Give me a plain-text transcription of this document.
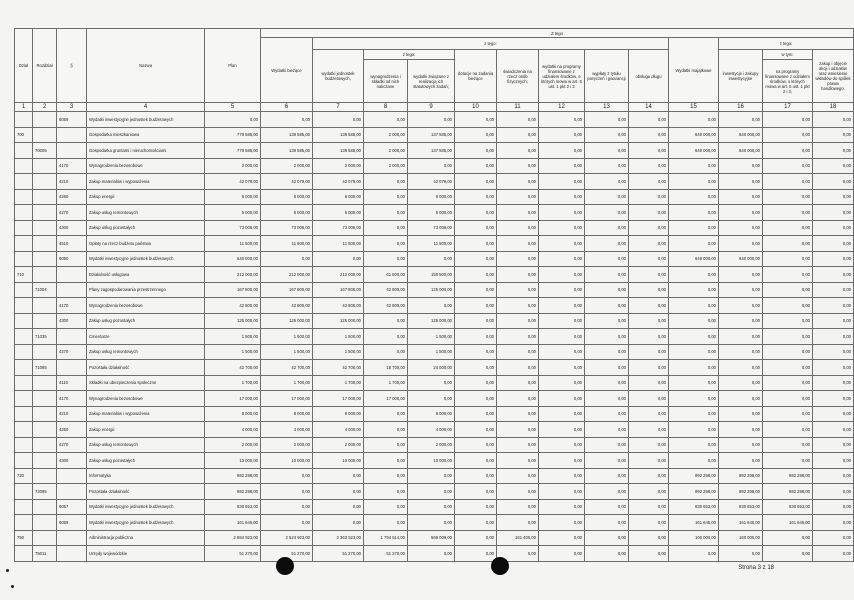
Dział	Rozdział	§	Nazwa	Plan	Z tego												
					Wydatki bieżące	z tego:								Wydatki majątkowe	z tego:		
						wydatki jednostek budżetowych,	z tego:		dotacje na zadania bieżące	świadczenia na rzecz osób fizycznych;	wydatki na programy finansowane z udziałem środków, o których mowa w art. 5 ust. 1 pkt 2 i 3	wypłaty z tytułu poręczeń i gwarancji	obsługa długu		inwestycje i zakupy inwestycyjne	w tym:	zakup i objęcie akcji i udziałów oraz wniesienie wkładów do spółek prawa handlowego.
							wynagrodzenia i składki od nich naliczane	wydatki związane z realizacją ich statutowych zadań;								na programy finansowane z udziałem środków, o których mowa w art. 5 ust. 1 pkt 2 i 3,	
1	2	3	4	5	6	7	8	9	10	11	12	13	14	15	16	17	18
		6059	Wydatki inwestycyjne jednostek budżetowych	0,00	0,00	0,00	0,00	0,00	0,00	0,00	0,00	0,00	0,00	0,00	0,00	0,00	0,00
700			Gospodarka mieszkaniowa	779 585,00	139 585,00	139 585,00	2 000,00	137 585,00	0,00	0,00	0,00	0,00	0,00	640 000,00	640 000,00	0,00	0,00
	70005		Gospodarka gruntami i nieruchomościami	779 585,00	139 585,00	139 585,00	2 000,00	137 585,00	0,00	0,00	0,00	0,00	0,00	640 000,00	640 000,00	0,00	0,00
		4170	Wynagrodzenia bezosobowe	2 000,00	2 000,00	2 000,00	2 000,00	0,00	0,00	0,00	0,00	0,00	0,00	0,00	0,00	0,00	0,00
		4210	Zakup materiałów i wyposażenia	42 079,00	42 079,00	42 079,00	0,00	42 079,00	0,00	0,00	0,00	0,00	0,00	0,00	0,00	0,00	0,00
		4260	Zakup energii	6 000,00	6 000,00	6 000,00	0,00	6 000,00	0,00	0,00	0,00	0,00	0,00	0,00	0,00	0,00	0,00
		4270	Zakup usług remontowych	5 000,00	5 000,00	5 000,00	0,00	5 000,00	0,00	0,00	0,00	0,00	0,00	0,00	0,00	0,00	0,00
		4300	Zakup usług pozostałych	73 006,00	73 006,00	73 006,00	0,00	73 006,00	0,00	0,00	0,00	0,00	0,00	0,00	0,00	0,00	0,00
		4510	Opłaty na rzecz budżetu państwa	11 500,00	11 500,00	11 500,00	0,00	11 500,00	0,00	0,00	0,00	0,00	0,00	0,00	0,00	0,00	0,00
		6050	Wydatki inwestycyjne jednostek budżetowych	640 000,00	0,00	0,00	0,00	0,00	0,00	0,00	0,00	0,00	0,00	640 000,00	640 000,00	0,00	0,00
710			Działalność usługowa	212 000,00	212 000,00	212 000,00	61 500,00	150 500,00	0,00	0,00	0,00	0,00	0,00	0,00	0,00	0,00	0,00
	71004		Plany zagospodarowania przestrzennego	167 800,00	167 800,00	167 800,00	42 800,00	125 000,00	0,00	0,00	0,00	0,00	0,00	0,00	0,00	0,00	0,00
		4170	Wynagrodzenia bezosobowe	42 800,00	42 800,00	42 800,00	42 800,00	0,00	0,00	0,00	0,00	0,00	0,00	0,00	0,00	0,00	0,00
		4300	Zakup usług pozostałych	125 000,00	125 000,00	125 000,00	0,00	125 000,00	0,00	0,00	0,00	0,00	0,00	0,00	0,00	0,00	0,00
	71035		Cmentarze	1 500,00	1 500,00	1 500,00	0,00	1 500,00	0,00	0,00	0,00	0,00	0,00	0,00	0,00	0,00	0,00
		4270	Zakup usług remontowych	1 500,00	1 500,00	1 500,00	0,00	1 500,00	0,00	0,00	0,00	0,00	0,00	0,00	0,00	0,00	0,00
	71095		Pozostała działalność	42 700,00	42 700,00	42 700,00	18 700,00	24 000,00	0,00	0,00	0,00	0,00	0,00	0,00	0,00	0,00	0,00
		4110	Składki na ubezpieczenia społeczne	1 700,00	1 700,00	1 700,00	1 700,00	0,00	0,00	0,00	0,00	0,00	0,00	0,00	0,00	0,00	0,00
		4170	Wynagrodzenia bezosobowe	17 000,00	17 000,00	17 000,00	17 000,00	0,00	0,00	0,00	0,00	0,00	0,00	0,00	0,00	0,00	0,00
		4210	Zakup materiałów i wyposażenia	8 000,00	8 000,00	8 000,00	0,00	8 000,00	0,00	0,00	0,00	0,00	0,00	0,00	0,00	0,00	0,00
		4260	Zakup energii	4 000,00	4 000,00	4 000,00	0,00	4 000,00	0,00	0,00	0,00	0,00	0,00	0,00	0,00	0,00	0,00
		4270	Zakup usług remontowych	2 000,00	2 000,00	2 000,00	0,00	2 000,00	0,00	0,00	0,00	0,00	0,00	0,00	0,00	0,00	0,00
		4300	Zakup usług pozostałych	10 000,00	10 000,00	10 000,00	0,00	10 000,00	0,00	0,00	0,00	0,00	0,00	0,00	0,00	0,00	0,00
720			Informatyka	992 298,00	0,00	0,00	0,00	0,00	0,00	0,00	0,00	0,00	0,00	992 298,00	992 298,00	992 298,00	0,00
	72095		Pozostała działalność	992 298,00	0,00	0,00	0,00	0,00	0,00	0,00	0,00	0,00	0,00	992 298,00	992 298,00	992 298,00	0,00
		6057	Wydatki inwestycyjne jednostek budżetowych	830 653,00	0,00	0,00	0,00	0,00	0,00	0,00	0,00	0,00	0,00	830 653,00	830 653,00	830 653,00	0,00
		6059	Wydatki inwestycyjne jednostek budżetowych	161 645,00	0,00	0,00	0,00	0,00	0,00	0,00	0,00	0,00	0,00	161 645,00	161 645,00	161 645,00	0,00
750			Administracja publiczna	2 684 923,00	2 524 923,00	2 363 523,00	1 794 514,00	569 009,00	0,00	161 400,00	0,00	0,00	0,00	160 000,00	160 000,00	0,00	0,00
	75011		Urzędy wojewódzkie	51 270,00	51 270,00	51 270,00	51 270,00	0,00	0,00	0,00	0,00	0,00	0,00	0,00	0,00	0,00	0,00
Strona 3 z 18
